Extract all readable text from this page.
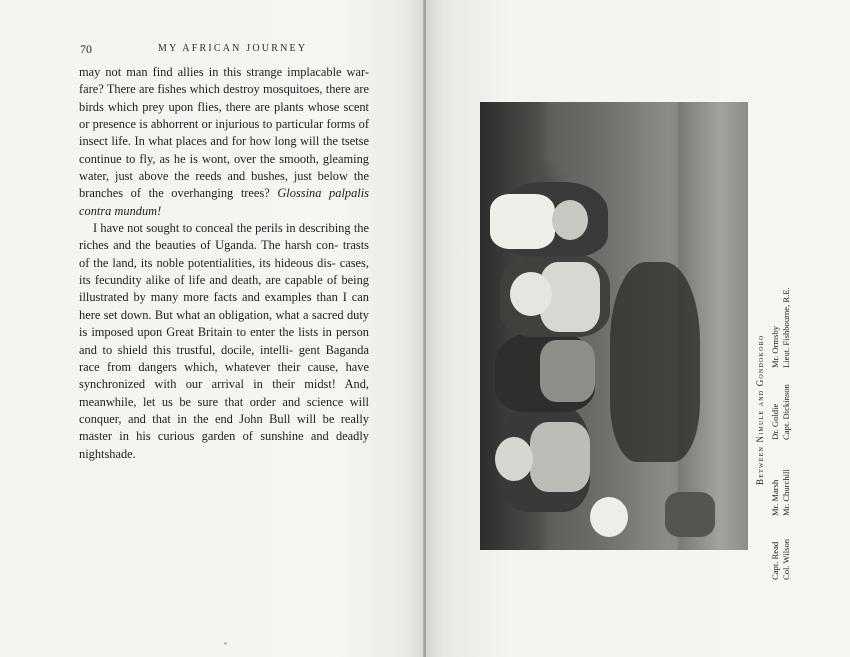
70	MY AFRICAN JOURNEY

may not man find allies in this strange implacable war- fare? There are fishes which destroy mosquitoes, there are birds which prey upon flies, there are plants whose scent or presence is abhorrent or injurious to particular forms of insect life. In what places and for how long will the tsetse continue to fly, as he is wont, over the smooth, gleaming water, just above the reeds and bushes, just below the branches of the overhanging trees? Glossina palpalis contra mundum!

I have not sought to conceal the perils in describing the riches and the beauties of Uganda. The harsh con- trasts of the land, its noble potentialities, its hideous dis- cases, its fecundity alike of life and death, are capable of being illustrated by many more facts and examples than I can here set down. But what an obligation, what a sacred duty is imposed upon Great Britain to enter the lists in person and to shield this trustful, docile, intelli- gent Baganda race from dangers which, whatever their cause, have synchronized with our arrival in their midst! And, meanwhile, let us be sure that order and science will conquer, and that in the end John Bull will be really master in his curious garden of sunshine and deadly nightshade.	Between Nimule and Gondokoro
Capt. Read Col. Wilson
Mr. Marsh Mr. Churchill
Dr. Goldie Capt. Dickinson
Mr. Ormsby Lieut. Fishbourne, R.E.
